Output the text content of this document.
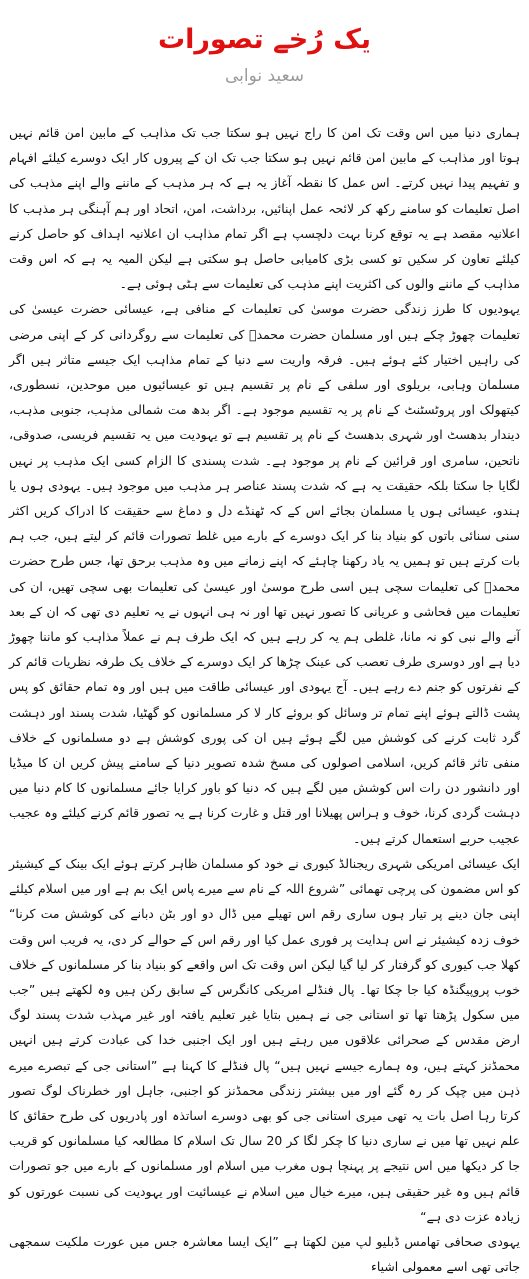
یک رُخے تصورات
سعید نوابی

ہماری دنیا میں اس وقت تک امن کا راج نہیں ہو سکتا جب تک مذاہب کے مابین امن قائم نہیں ہوتا اور مذاہب کے مابین امن قائم نہیں ہو سکتا جب تک ان کے پیروں کار ایک دوسرے کیلئے افہام و تفہیم پیدا نہیں کرتے۔ اس عمل کا نقطہ آغاز یہ ہے کہ ہر مذہب کے ماننے والے اپنے مذہب کی اصل تعلیمات کو سامنے رکھ کر لائحہ عمل اپنائیں، برداشت، امن، اتحاد اور ہم آہنگی ہر مذہب کا اعلانیہ مقصد ہے یہ توقع کرنا بہت دلچسپ ہے اگر تمام مذاہب ان اعلانیہ اہداف کو حاصل کرنے کیلئے تعاون کر سکیں تو کسی بڑی کامیابی حاصل ہو سکتی ہے لیکن المیہ یہ ہے کہ اس وقت مذاہب کے ماننے والوں کی اکثریت اپنے مذہب کی تعلیمات سے ہٹی ہوئی ہے۔

یہودیوں کا طرز زندگی حضرت موسیٰ کی تعلیمات کے منافی ہے، عیسائی حضرت عیسیٰ کی تعلیمات چھوڑ چکے ہیں اور مسلمان حضرت محمدؐ کی تعلیمات سے روگردانی کر کے اپنی مرضی کی راہیں اختیار کئے ہوئے ہیں۔ فرقہ واریت سے دنیا کے تمام مذاہب ایک جیسے متاثر ہیں اگر مسلمان وہابی، بریلوی اور سلفی کے نام پر تقسیم ہیں تو عیسائیوں میں موحدین، نسطوری، کیتھولک اور پروٹسٹنٹ کے نام پر یہ تقسیم موجود ہے۔ اگر بدھ مت شمالی مذہب، جنوبی مذہب، دیندار بدھسٹ اور شہری بدھسٹ کے نام پر تقسیم ہے تو یہودیت میں یہ تقسیم فریسی، صدوقی، ناتحین، سامری اور قرائین کے نام پر موجود ہے۔ شدت پسندی کا الزام کسی ایک مذہب پر نہیں لگایا جا سکتا بلکہ حقیقت یہ ہے کہ شدت پسند عناصر ہر مذہب میں موجود ہیں۔ یہودی ہوں یا ہندو، عیسائی ہوں یا مسلمان بجائے اس کے کہ ٹھنڈے دل و دماغ سے حقیقت کا ادراک کریں اکثر سنی سنائی باتوں کو بنیاد بنا کر ایک دوسرے کے بارے میں غلط تصورات قائم کر لیتے ہیں، جب ہم بات کرتے ہیں تو ہمیں یہ یاد رکھنا چاہئے کہ اپنے زمانے میں وہ مذہب برحق تھا، جس طرح حضرت محمدؐ کی تعلیمات سچی ہیں اسی طرح موسیٰ اور عیسیٰ کی تعلیمات بھی سچی تھیں، ان کی تعلیمات میں فحاشی و عریانی کا تصور نہیں تھا اور نہ ہی انہوں نے یہ تعلیم دی تھی کہ ان کے بعد آنے والے نبی کو نہ مانا، غلطی ہم یہ کر رہے ہیں کہ ایک طرف ہم نے عملاً مذاہب کو ماننا چھوڑ دیا ہے اور دوسری طرف تعصب کی عینک چڑھا کر ایک دوسرے کے خلاف یک طرفہ نظریات قائم کر کے نفرتوں کو جنم دے رہے ہیں۔ آج یہودی اور عیسائی طاقت میں ہیں اور وہ تمام حقائق کو پس پشت ڈالتے ہوئے اپنے تمام تر وسائل کو بروئے کار لا کر مسلمانوں کو گھٹیا، شدت پسند اور دہشت گرد ثابت کرنے کی کوشش میں لگے ہوئے ہیں ان کی پوری کوشش ہے دو مسلمانوں کے خلاف منفی تاثر قائم کریں، اسلامی اصولوں کی مسخ شدہ تصویر دنیا کے سامنے پیش کریں ان کا میڈیا اور دانشور دن رات اس کوشش میں لگے ہیں کہ دنیا کو باور کرایا جائے مسلمانوں کا کام دنیا میں دہشت گردی کرنا، خوف و ہراس پھیلانا اور قتل و غارت کرنا ہے یہ تصور قائم کرنے کیلئے وہ عجیب عجیب حربے استعمال کرتے ہیں۔

ایک عیسائی امریکی شہری ریجنالڈ کیوری نے خود کو مسلمان ظاہر کرتے ہوئے ایک بینک کے کیشیئر کو اس مضمون کی پرچی تھمائی ”شروع اللہ کے نام سے میرے پاس ایک بم ہے اور میں اسلام کیلئے اپنی جان دینے پر تیار ہوں ساری رقم اس تھیلے میں ڈال دو اور بٹن دبانے کی کوشش مت کرنا“ خوف زدہ کیشیئر نے اس ہدایت پر فوری عمل کیا اور رقم اس کے حوالے کر دی، یہ فریب اس وقت کھلا جب کیوری کو گرفتار کر لیا گیا لیکن اس وقت تک اس واقعے کو بنیاد بنا کر مسلمانوں کے خلاف خوب پروپیگنڈہ کیا جا چکا تھا۔ پال فنڈلے امریکی کانگرس کے سابق رکن ہیں وہ لکھتے ہیں ”جب میں سکول پڑھتا تھا تو استانی جی نے ہمیں بتایا غیر تعلیم یافتہ اور غیر مہذب شدت پسند لوگ ارض مقدس کے صحرائی علاقوں میں رہتے ہیں اور ایک اجنبی خدا کی عبادت کرتے ہیں انہیں محمڈنز کہتے ہیں، وہ ہمارے جیسے نہیں ہیں“ پال فنڈلے کا کہنا ہے ”استانی جی کے تبصرے میرے ذہن میں چپک کر رہ گئے اور میں بیشتر زندگی محمڈنز کو اجنبی، جاہل اور خطرناک لوگ تصور کرتا رہا اصل بات یہ تھی میری استانی جی کو بھی دوسرے اساتذہ اور پادریوں کی طرح حقائق کا علم نہیں تھا میں نے ساری دنیا کا چکر لگا کر 20 سال تک اسلام کا مطالعہ کیا مسلمانوں کو قریب جا کر دیکھا میں اس نتیجے پر پہنچا ہوں مغرب میں اسلام اور مسلمانوں کے بارے میں جو تصورات قائم ہیں وہ غیر حقیقی ہیں، میرے خیال میں اسلام نے عیسائیت اور یہودیت کی نسبت عورتوں کو زیادہ عزت دی ہے“

یہودی صحافی تھامس ڈبلیو لپ مین لکھتا ہے ”ایک ایسا معاشرہ جس میں عورت ملکیت سمجھی جاتی تھی اسے معمولی اشیاء
